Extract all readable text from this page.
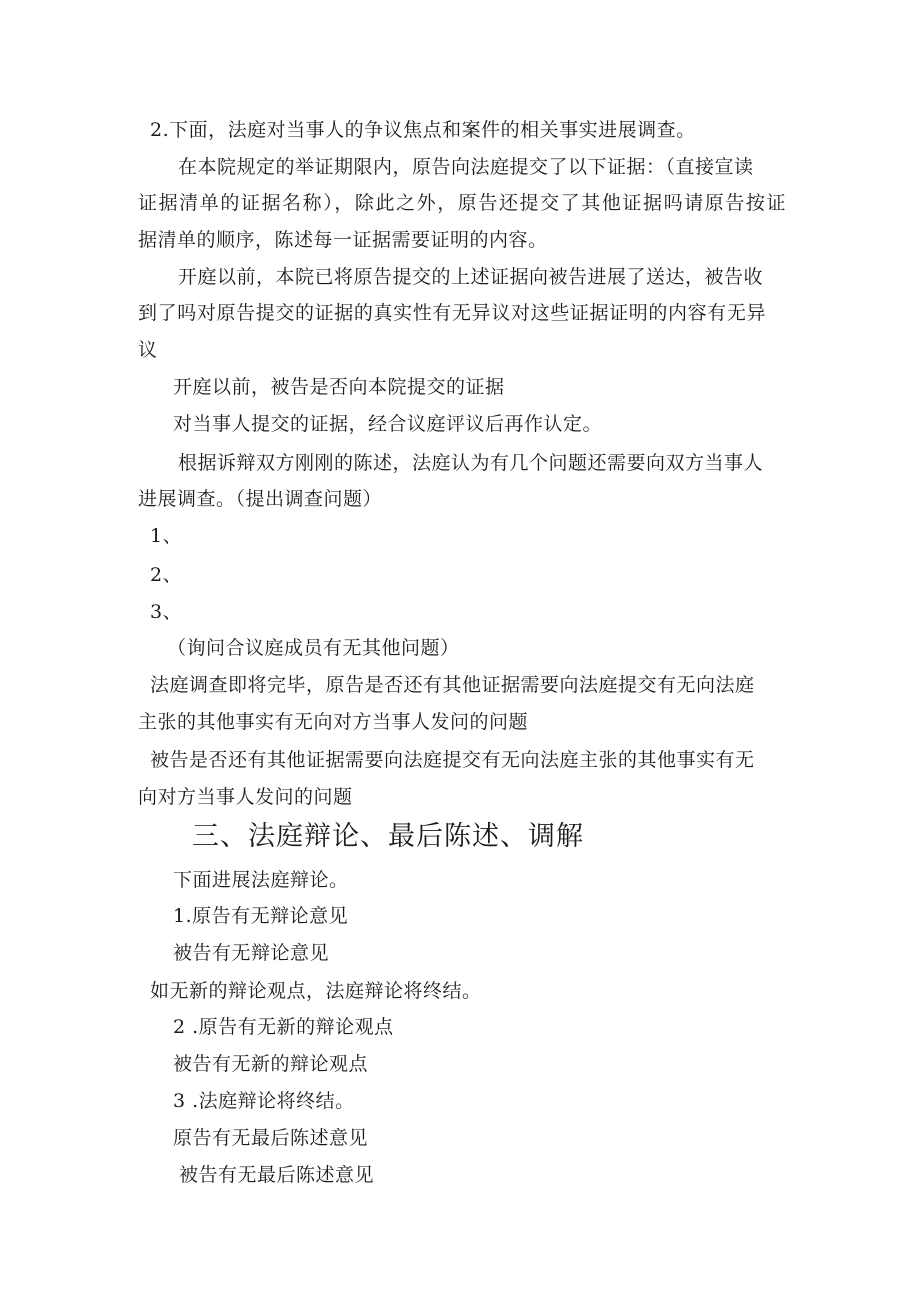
2.下面，法庭对当事人的争议焦点和案件的相关事实进展调查。
在本院规定的举证期限内，原告向法庭提交了以下证据：（直接宣读
证据清单的证据名称），除此之外，原告还提交了其他证据吗请原告按证
据清单的顺序，陈述每一证据需要证明的内容。
开庭以前，本院已将原告提交的上述证据向被告进展了送达，被告收
到了吗对原告提交的证据的真实性有无异议对这些证据证明的内容有无异
议
开庭以前，被告是否向本院提交的证据
对当事人提交的证据，经合议庭评议后再作认定。
根据诉辩双方刚刚的陈述，法庭认为有几个问题还需要向双方当事人
进展调查。（提出调查问题）
1、
2、
3、
（询问合议庭成员有无其他问题）
法庭调查即将完毕，原告是否还有其他证据需要向法庭提交有无向法庭
主张的其他事实有无向对方当事人发问的问题
被告是否还有其他证据需要向法庭提交有无向法庭主张的其他事实有无
向对方当事人发问的问题
三、法庭辩论、最后陈述、调解
下面进展法庭辩论。
1.原告有无辩论意见
被告有无辩论意见
如无新的辩论观点，法庭辩论将终结。
2 .原告有无新的辩论观点
被告有无新的辩论观点
3 .法庭辩论将终结。
原告有无最后陈述意见
被告有无最后陈述意见
